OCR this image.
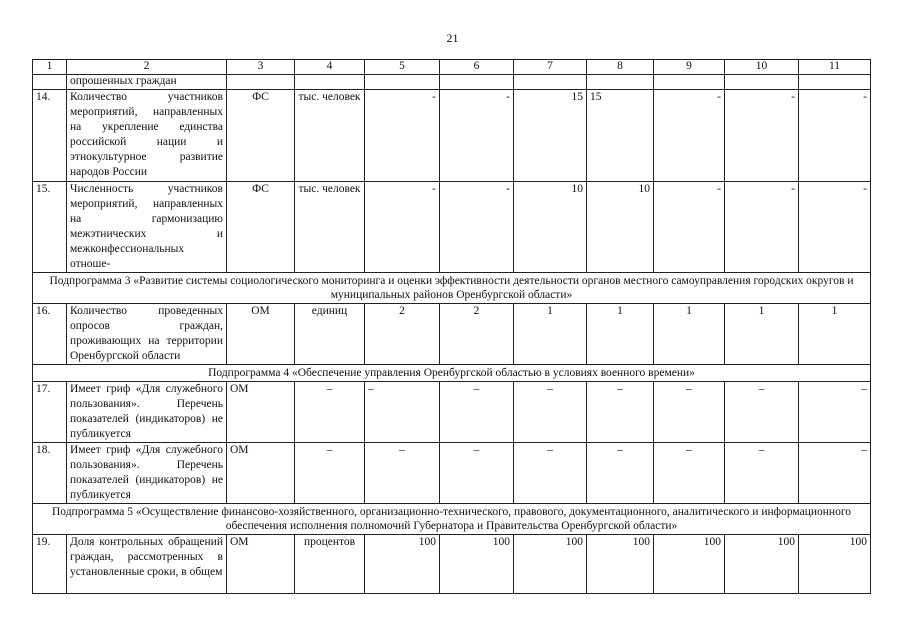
21
1	2	3	4	5	6	7	8	9	10	11
	опрошенных граждан									
14.	Количество участников мероприятий, направленных на укрепление единства российской нации и этнокультурное развитие народов России	ФС	тыс. человек	-	-	15	15	-	-	-
15.	Численность участников мероприятий, направленных на гармонизацию межэтнических и межконфессиональных отноше-	ФС	тыс. человек	-	-	10	10	-	-	-
Подпрограмма 3 «Развитие системы социологического мониторинга и оценки эффективности деятельности органов местного самоуправления городских округов и муниципальных районов Оренбургской области»										
16.	Количество проведенных опросов граждан, проживающих на территории Оренбургской области	ОМ	единиц	2	2	1	1	1	1	1
Подпрограмма 4 «Обеспечение управления Оренбургской областью в условиях военного времени»										
17.	Имеет гриф «Для служебного пользования». Перечень показателей (индикаторов) не публикуется	ОМ	–	–	–	–	–	–	–	–
18.	Имеет гриф «Для служебного пользования». Перечень показателей (индикаторов) не публикуется	ОМ	–	–	–	–	–	–	–	–
Подпрограмма 5 «Осуществление финансово-хозяйственного, организационно-технического, правового, документационного, аналитического и информационного обеспечения исполнения полномочий Губернатора и Правительства Оренбургской области»										
19.	Доля контрольных обращений граждан, рассмотренных в установленные сроки, в общем	ОМ	процентов	100	100	100	100	100	100	100
